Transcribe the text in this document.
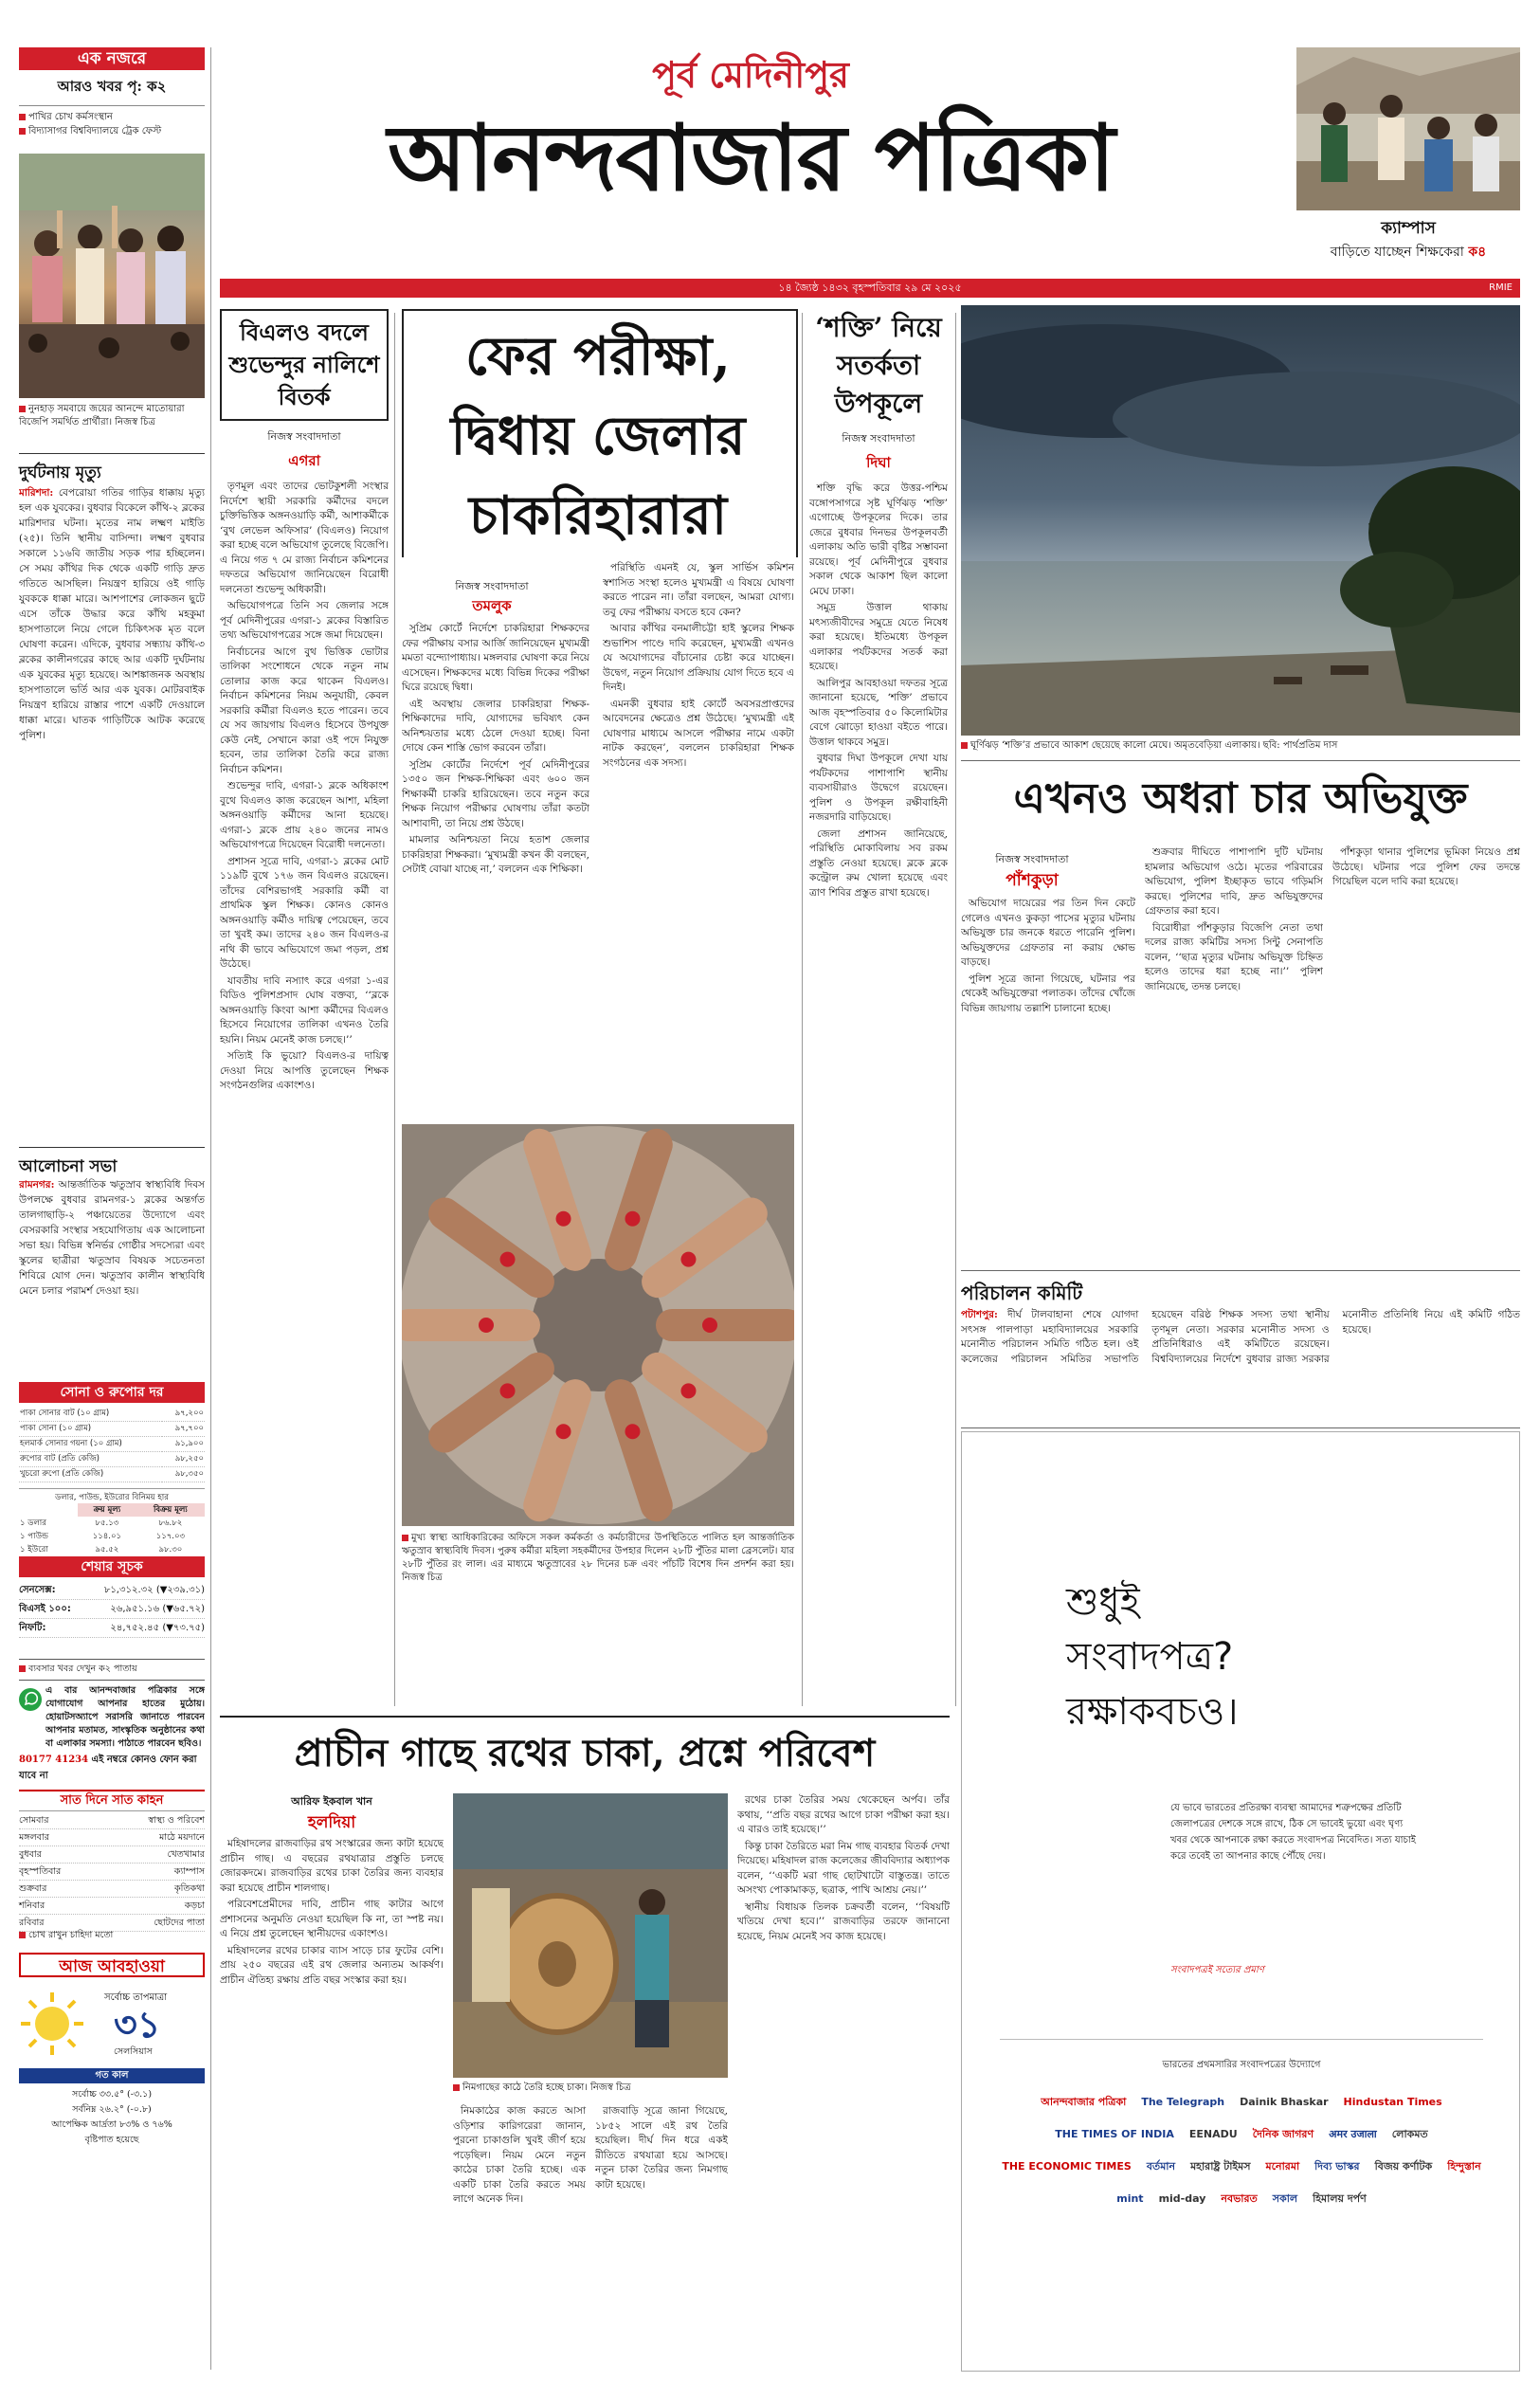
এক নজরে
আরও খবর পৃ: ক২
পাখির চোখ কর্মসংস্থান
বিদ্যাসাগর বিশ্ববিদ্যালয়ে ট্রেক ফেস্ট
নুনহাড় সমবায়ে জয়ের আনন্দে মাতোয়ারা বিজেপি সমর্থিত প্রার্থীরা। নিজস্ব চিত্র
দুর্ঘটনায় মৃত্যু
মারিশদা: বেপরোয়া গতির গাড়ির ধাক্কায় মৃত্যু হল এক যুবকের। বুধবার বিকেলে কাঁথি-২ ব্লকের মারিশদার ঘটনা। মৃতের নাম লক্ষ্মণ মাইতি (২৫)। তিনি স্থানীয় বাসিন্দা। লক্ষ্মণ বুধবার সকালে ১১৬বি জাতীয় সড়ক পার হচ্ছিলেন। সে সময় কাঁথির দিক থেকে একটি গাড়ি দ্রুত গতিতে আসছিল। নিয়ন্ত্রণ হারিয়ে ওই গাড়ি যুবককে ধাক্কা মারে। আশপাশের লোকজন ছুটে এসে তাঁকে উদ্ধার করে কাঁথি মহকুমা হাসপাতালে নিয়ে গেলে চিকিৎসক মৃত বলে ঘোষণা করেন। এদিকে, বুধবার সন্ধ্যায় কাঁথি-৩ ব্লকের কালীনগরের কাছে আর একটি দুর্ঘটনায় এক যুবকের মৃত্যু হয়েছে। আশঙ্কাজনক অবস্থায় হাসপাতালে ভর্তি আর এক যুবক। মোটরবাইক নিয়ন্ত্রণ হারিয়ে রাস্তার পাশে একটি দেওয়ালে ধাক্কা মারে। ঘাতক গাড়িটিকে আটক করেছে পুলিশ।
আলোচনা সভা
রামনগর: আন্তর্জাতিক ঋতুস্রাব স্বাস্থ্যবিধি দিবস উপলক্ষে বুধবার রামনগর-১ ব্লকের অন্তর্গত তালগাছাড়ি-২ পঞ্চায়েতের উদ্যোগে এবং বেসরকারি সংস্থার সহযোগিতায় এক আলোচনা সভা হয়। বিভিন্ন স্বনির্ভর গোষ্ঠীর সদস্যেরা এবং স্কুলের ছাত্রীরা ঋতুস্রাব বিষয়ক সচেতনতা শিবিরে যোগ দেন। ঋতুস্রাব কালীন স্বাস্থ্যবিধি মেনে চলার পরামর্শ দেওয়া হয়।
সোনা ও রুপোর দর
পাকা সোনার বাট (১০ গ্রাম)	৯৭,২০০
পাকা সোনা (১০ গ্রাম)	৯৭,৭০০
হলমার্ক সোনার গয়না (১০ গ্রাম)	৯১,৯০০
রুপোর বাট (প্রতি কেজি)	৯৮,২৫০
খুচরো রুপো (প্রতি কেজি)	৯৮,৩৫০
ডলার, পাউন্ড, ইউরোর বিনিময় হার
	ক্রয় মূল্য	বিক্রয় মূল্য
১ ডলার	৮৫.১৩	৮৬.৮২
১ পাউন্ড	১১৪.০১	১১৭.০৩
১ ইউরো	৯৫.৫২	৯৮.৩০
শেয়ার সূচক
সেনসেক্স:	৮১,৩১২.৩২ (▼২৩৯.৩১)
বিএসই ১০০:	২৬,৯৫১.১৬ (▼৬৫.৭২)
নিফটি:	২৪,৭৫২.৪৫ (▼৭৩.৭৫)
ব্যবসার খবর দেখুন ক২ পাতায়
এ বার আনন্দবাজার পত্রিকার সঙ্গে যোগাযোগ আপনার হাতের মুঠোয়। হোয়াটসঅ্যাপে সরাসরি জানাতে পারবেন আপনার মতামত, সাংস্কৃতিক অনুষ্ঠানের কথা বা এলাকার সমস্যা। পাঠাতে পারবেন ছবিও।
80177 41234 এই নম্বরে কোনও ফোন করা যাবে না
সাত দিনে সাত কাহন
সোমবার	স্বাস্থ্য ও পরিবেশ
মঙ্গলবার	মাঠে ময়দানে
বুধবার	খেতখামার
বৃহস্পতিবার	ক্যাম্পাস
শুক্রবার	কৃতিকথা
শনিবার	কড়চা
রবিবার	ছোটদের পাতা
চোখ রাখুন চাহিদা মতো
আজ আবহাওয়া
সর্বোচ্চ তাপমাত্রা
৩১
সেলসিয়াস
গত কাল
সর্বোচ্চ ৩৩.৫° (-৩.১)
সর্বনিম্ন ২৬.২° (-০.৮)
আপেক্ষিক আর্দ্রতা ৮৩% ও ৭৬%
বৃষ্টিপাত হয়েছে
পূর্ব মেদিনীপুর
আনন্দবাজার পত্রিকা
ক্যাম্পাস
বাড়িতে যাচ্ছেন শিক্ষকেরা ক৪
১৪ জ্যৈষ্ঠ ১৪৩২ বৃহস্পতিবার ২৯ মে ২০২৫	RMIE
বিএলও বদলে শুভেন্দুর নালিশে বিতর্ক
নিজস্ব সংবাদদাতা
এগরা

তৃণমূল এবং তাদের ভোটকুশলী সংস্থার নির্দেশে স্থায়ী সরকারি কর্মীদের বদলে চুক্তিভিত্তিক অঙ্গনওয়াড়ি কর্মী, আশাকর্মীকে ‘বুথ লেভেল অফিসার’ (বিএলও) নিয়োগ করা হচ্ছে বলে অভিযোগ তুলেছে বিজেপি। এ নিয়ে গত ৭ মে রাজ্য নির্বাচন কমিশনের দফতরে অভিযোগ জানিয়েছেন বিরোধী দলনেতা শুভেন্দু অধিকারী।

অভিযোগপত্রে তিনি সব জেলার সঙ্গে পূর্ব মেদিনীপুরের এগরা-১ ব্লকের বিস্তারিত তথ্য অভিযোগপত্রের সঙ্গে জমা দিয়েছেন।

নির্বাচনের আগে বুথ ভিত্তিক ভোটার তালিকা সংশোধনে থেকে নতুন নাম তোলার কাজ করে থাকেন বিএলও। নির্বাচন কমিশনের নিয়ম অনুযায়ী, কেবল সরকারি কর্মীরা বিএলও হতে পারেন। তবে যে সব জায়গায় বিএলও হিসেবে উপযুক্ত কেউ নেই, সেখানে কারা ওই পদে নিযুক্ত হবেন, তার তালিকা তৈরি করে রাজ্য নির্বাচন কমিশন।

শুভেন্দুর দাবি, এগরা-১ ব্লকে অধিকাংশ বুথে বিএলও কাজ করেছেন আশা, মহিলা অঙ্গনওয়াড়ি কর্মীদের আনা হয়েছে। এগরা-১ ব্লকে প্রায় ২৪০ জনের নামও অভিযোগপত্রে দিয়েছেন বিরোধী দলনেতা।

প্রশাসন সূত্রে দাবি, এগরা-১ ব্লকের মোট ১১৯টি বুথে ১৭৬ জন বিএলও রয়েছেন। তাঁদের বেশিরভাগই সরকারি কর্মী বা প্রাথমিক স্কুল শিক্ষক। কোনও কোনও অঙ্গনওয়াড়ি কর্মীও দায়িত্ব পেয়েছেন, তবে তা খুবই কম। তাদের ২৪০ জন বিএলও-র নথি কী ভাবে অভিযোগে জমা পড়ল, প্রশ্ন উঠেছে।

যাবতীয় দাবি নস্যাৎ করে এগরা ১-এর বিডিও পুলিশপ্রসাদ ঘোষ বক্তব্য, ‘‘ব্লকে অঙ্গনওয়াড়ি কিংবা আশা কর্মীদের বিএলও হিসেবে নিয়োগের তালিকা এখনও তৈরি হয়নি। নিয়ম মেনেই কাজ চলছে।’’

সত্যিই কি ভুয়ো? বিএলও-র দায়িত্ব দেওয়া নিয়ে আপত্তি তুলেছেন শিক্ষক সংগঠনগুলির একাংশও।

ফের পরীক্ষা, দ্বিধায় জেলার চাকরিহারারা
নিজস্ব সংবাদদাতা
তমলুক

সুপ্রিম কোর্টে নির্দেশে চাকরিহারা শিক্ষকদের ফের পরীক্ষায় বসার আর্জি জানিয়েছেন মুখ্যমন্ত্রী মমতা বন্দ্যোপাধ্যায়। মঙ্গলবার ঘোষণা করে নিয়ে এসেছেন। শিক্ষকদের মধ্যে বিভিন্ন দিকের পরীক্ষা ঘিরে রয়েছে দ্বিধা।

এই অবস্থায় জেলার চাকরিহারা শিক্ষক-শিক্ষিকাদের দাবি, যোগ্যদের ভবিষ্যৎ কেন অনিশ্চয়তার মধ্যে ঠেলে দেওয়া হচ্ছে। বিনা দোষে কেন শাস্তি ভোগ করবেন তাঁরা।

সুপ্রিম কোর্টের নির্দেশে পূর্ব মেদিনীপুরের ১৩৫০ জন শিক্ষক-শিক্ষিকা এবং ৬০০ জন শিক্ষাকর্মী চাকরি হারিয়েছেন। তবে নতুন করে শিক্ষক নিয়োগ পরীক্ষার ঘোষণায় তাঁরা কতটা আশাবাদী, তা নিয়ে প্রশ্ন উঠছে।

মামলার অনিশ্চয়তা নিয়ে হতাশ জেলার চাকরিহারা শিক্ষকরা। ‘মুখ্যমন্ত্রী কখন কী বলছেন, সেটাই বোঝা যাচ্ছে না,’ বললেন এক শিক্ষিকা।

পরিস্থিতি এমনই যে, স্কুল সার্ভিস কমিশন স্বশাসিত সংস্থা হলেও মুখ্যমন্ত্রী এ বিষয়ে ঘোষণা করতে পারেন না। তাঁরা বলছেন, আমরা যোগ্য। তবু ফের পরীক্ষায় বসতে হবে কেন?

আবার কাঁথির বনমালীচট্টা হাই স্কুলের শিক্ষক শুভাশিস পাণ্ডে দাবি করেছেন, মুখ্যমন্ত্রী এখনও যে অযোগ্যদের বাঁচানোর চেষ্টা করে যাচ্ছেন। উদ্বেগ, নতুন নিয়োগ প্রক্রিয়ায় যোগ দিতে হবে এ দিনই।

এমনকী বুধবার হাই কোর্টে অবসরপ্রাপ্তদের আবেদনের ক্ষেত্রেও প্রশ্ন উঠেছে। ‘মুখ্যমন্ত্রী এই ঘোষণার মাধ্যমে আসলে পরীক্ষার নামে একটা নাটক করছেন’, বললেন চাকরিহারা শিক্ষক সংগঠনের এক সদস্য।

মুখ্য স্বাস্থ্য আধিকারিকের অফিসে সকল কর্মকর্তা ও কর্মচারীদের উপস্থিতিতে পালিত হল আন্তর্জাতিক ঋতুস্রাব স্বাস্থ্যবিধি দিবস। পুরুষ কর্মীরা মহিলা সহকর্মীদের উপহার দিলেন ২৮টি পুঁতির মালা ব্রেসলেট। যার ২৮টি পুঁতির রং লাল। এর মাধ্যমে ঋতুস্রাবের ২৮ দিনের চক্র এবং পাঁচটি বিশেষ দিন প্রদর্শন করা হয়। নিজস্ব চিত্র
‘শক্তি’ নিয়ে সতর্কতা উপকূলে
নিজস্ব সংবাদদাতা
দিঘা

শক্তি বৃদ্ধি করে উত্তর-পশ্চিম বঙ্গোপসাগরে সৃষ্ট ঘূর্ণিঝড় ‘শক্তি’ এগোচ্ছে উপকূলের দিকে। তার জেরে বুধবার দিনভর উপকূলবর্তী এলাকায় অতি ভারী বৃষ্টির সম্ভাবনা রয়েছে। পূর্ব মেদিনীপুরে বুধবার সকাল থেকে আকাশ ছিল কালো মেঘে ঢাকা।

সমুদ্র উত্তাল থাকায় মৎস্যজীবীদের সমুদ্রে যেতে নিষেধ করা হয়েছে। ইতিমধ্যে উপকূল এলাকার পর্যটকদের সতর্ক করা হয়েছে।

আলিপুর আবহাওয়া দফতর সূত্রে জানানো হয়েছে, ‘শক্তি’ প্রভাবে আজ বৃহস্পতিবার ৫০ কিলোমিটার বেগে ঝোড়ো হাওয়া বইতে পারে। উত্তাল থাকবে সমুদ্র।

বুধবার দিঘা উপকূলে দেখা যায় পর্যটকদের পাশাপাশি স্থানীয় ব্যবসায়ীরাও উদ্বেগে রয়েছেন। পুলিশ ও উপকূল রক্ষীবাহিনী নজরদারি বাড়িয়েছে।

জেলা প্রশাসন জানিয়েছে, পরিস্থিতি মোকাবিলায় সব রকম প্রস্তুতি নেওয়া হয়েছে। ব্লকে ব্লকে কন্ট্রোল রুম খোলা হয়েছে এবং ত্রাণ শিবির প্রস্তুত রাখা হয়েছে।

ঘূর্ণিঝড় ‘শক্তি’র প্রভাবে আকাশ ছেয়েছে কালো মেঘে। অমৃতবেড়িয়া এলাকায়। ছবি: পার্থপ্রতিম দাস
এখনও অধরা চার অভিযুক্ত
নিজস্ব সংবাদদাতা
পাঁশকুড়া

অভিযোগ দায়েরের পর তিন দিন কেটে গেলেও এখনও কুকড়া পাসের মৃত্যুর ঘটনায় অভিযুক্ত চার জনকে ধরতে পারেনি পুলিশ। অভিযুক্তদের গ্রেফতার না করায় ক্ষোভ বাড়ছে।

পুলিশ সূত্রে জানা গিয়েছে, ঘটনার পর থেকেই অভিযুক্তেরা পলাতক। তাঁদের খোঁজে বিভিন্ন জায়গায় তল্লাশি চালানো হচ্ছে।

শুক্রবার দীঘিতে পাশাপাশি দুটি ঘটনায় হামলার অভিযোগ ওঠে। মৃতের পরিবারের অভিযোগ, পুলিশ ইচ্ছাকৃত ভাবে গড়িমসি করছে। পুলিশের দাবি, দ্রুত অভিযুক্তদের গ্রেফতার করা হবে।

বিরোধীরা পাঁশকুড়ার বিজেপি নেতা তথা দলের রাজ্য কমিটির সদস্য সিন্টু সেনাপতি বলেন, ‘‘ছাত্র মৃত্যুর ঘটনায় অভিযুক্ত চিহ্নিত হলেও তাদের ধরা হচ্ছে না।’’ পুলিশ জানিয়েছে, তদন্ত চলছে।

পাঁশকুড়া থানার পুলিশের ভূমিকা নিয়েও প্রশ্ন উঠেছে। ঘটনার পরে পুলিশ ফের তদন্তে গিয়েছিল বলে দাবি করা হয়েছে।

পরিচালন কমিটি
পটাশপুর: দীর্ঘ টালবাহানা শেষে যোগদা সৎসঙ্গ পালপাড়া মহাবিদ্যালয়ের সরকারি মনোনীত পরিচালন সমিতি গঠিত হল। ওই কলেজের পরিচালন সমিতির সভাপতি হয়েছেন বরিষ্ঠ শিক্ষক সদস্য তথা স্থানীয় তৃণমূল নেতা। সরকার মনোনীত সদস্য ও প্রতিনিধিরাও এই কমিটিতে রয়েছেন। বিশ্ববিদ্যালয়ের নির্দেশে বুধবার রাজ্য সরকার মনোনীত প্রতিনিধি নিয়ে এই কমিটি গঠিত হয়েছে।
শুধুই
সংবাদপত্র?
রক্ষাকবচও।
যে ভাবে ভারতের প্রতিরক্ষা ব্যবস্থা আমাদের শত্রুপক্ষের প্রতিটি জেলাপত্রের দেশকে সঙ্গে রাখে, ঠিক সে ভাবেই ভুয়ো এবং ঘৃণ্য খবর থেকে আপনাকে রক্ষা করতে সংবাদপত্র নিবেদিত। সত্য যাচাই করে তবেই তা আপনার কাছে পৌঁছে দেয়।
সংবাদপত্রই সত্যের প্রমাণ
ভারতের প্রথমসারির সংবাদপত্রের উদ্যোগে
আনন্দবাজার পত্রিকা The Telegraph Dainik Bhaskar Hindustan TimesTHE TIMES OF INDIA EENADU দৈনিক জাগরণ अमर उजाला লোকমতTHE ECONOMIC TIMES বর্তমান মহারাষ্ট্র টাইমস মনোরমা দিব্য ভাস্কর বিজয় কর্ণাটক হিন্দুস্তানmint mid-day নবভারত সকাল হিমালয় দর্পণ
প্রাচীন গাছে রথের চাকা, প্রশ্নে পরিবেশ
আরিফ ইকবাল খান
হলদিয়া

মহিষাদলের রাজবাড়ির রথ সংস্কারের জন্য কাটা হয়েছে প্রাচীন গাছ। এ বছরের রথযাত্রার প্রস্তুতি চলছে জোরকদমে। রাজবাড়ির রথের চাকা তৈরির জন্য ব্যবহার করা হয়েছে প্রাচীন শালগাছ।

পরিবেশপ্রেমীদের দাবি, প্রাচীন গাছ কাটার আগে প্রশাসনের অনুমতি নেওয়া হয়েছিল কি না, তা স্পষ্ট নয়। এ নিয়ে প্রশ্ন তুলেছেন স্থানীয়দের একাংশও।

মহিষাদলের রথের চাকার ব্যাস সাড়ে চার ফুটের বেশি। প্রায় ২৫০ বছরের এই রথ জেলার অন্যতম আকর্ষণ। প্রাচীন ঐতিহ্য রক্ষায় প্রতি বছর সংস্কার করা হয়।

নিমগাছের কাঠে তৈরি হচ্ছে চাকা। নিজস্ব চিত্র

নিমকাঠের কাজ করতে আসা ওড়িশার কারিগরেরা জানান, পুরনো চাকাগুলি খুবই জীর্ণ হয়ে পড়েছিল। নিয়ম মেনে নতুন কাঠের চাকা তৈরি হচ্ছে। এক একটি চাকা তৈরি করতে সময় লাগে অনেক দিন।

রাজবাড়ি সূত্রে জানা গিয়েছে, ১৮৫২ সালে এই রথ তৈরি হয়েছিল। দীর্ঘ দিন ধরে একই রীতিতে রথযাত্রা হয়ে আসছে। নতুন চাকা তৈরির জন্য নিমগাছ কাটা হয়েছে।

রথের চাকা তৈরির সময় থেকেছেন অর্পব। তাঁর কথায়, ‘‘প্রতি বছর রথের আগে চাকা পরীক্ষা করা হয়। এ বারও তাই হয়েছে।’’

কিন্তু চাকা তৈরিতে মরা নিম গাছ ব্যবহার বিতর্ক দেখা দিয়েছে। মহিষাদল রাজ কলেজের জীববিদ্যার অধ্যাপক বলেন, ‘‘একটি মরা গাছ ছোটখাটো বাস্তুতন্ত্র। তাতে অসংখ্য পোকামাকড়, ছত্রাক, পাখি আশ্রয় নেয়।’’

স্থানীয় বিধায়ক তিলক চক্রবর্তী বলেন, ‘‘বিষয়টি খতিয়ে দেখা হবে।’’ রাজবাড়ির তরফে জানানো হয়েছে, নিয়ম মেনেই সব কাজ হয়েছে।
